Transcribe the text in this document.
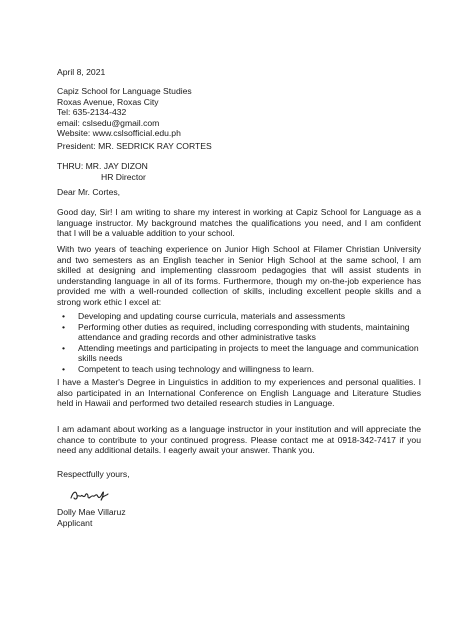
April 8, 2021
Capiz School for Language Studies
Roxas Avenue, Roxas City
Tel: 635-2134-432
email: cslsedu@gmail.com
Website: www.cslsofficial.edu.ph
President: MR. SEDRICK RAY CORTES
THRU: MR. JAY DIZON
HR Director
Dear Mr. Cortes,
Good day, Sir! I am writing to share my interest in working at Capiz School for Language as a language instructor. My background matches the qualifications you need, and I am confident that I will be a valuable addition to your school.
With two years of teaching experience on Junior High School at Filamer Christian University and two semesters as an English teacher in Senior High School at the same school, I am skilled at designing and implementing classroom pedagogies that will assist students in understanding language in all of its forms. Furthermore, though my on-the-job experience has provided me with a well-rounded collection of skills, including excellent people skills and a strong work ethic I excel at:
• Developing and updating course curricula, materials and assessments
• Performing other duties as required, including corresponding with students, maintaining attendance and grading records and other administrative tasks
• Attending meetings and participating in projects to meet the language and communication skills needs
• Competent to teach using technology and willingness to learn.
I have a Master's Degree in Linguistics in addition to my experiences and personal qualities. I also participated in an International Conference on English Language and Literature Studies held in Hawaii and performed two detailed research studies in Language.
I am adamant about working as a language instructor in your institution and will appreciate the chance to contribute to your continued progress. Please contact me at 0918-342-7417 if you need any additional details. I eagerly await your answer. Thank you.
Respectfully yours,
Dolly Mae Villaruz
Applicant
